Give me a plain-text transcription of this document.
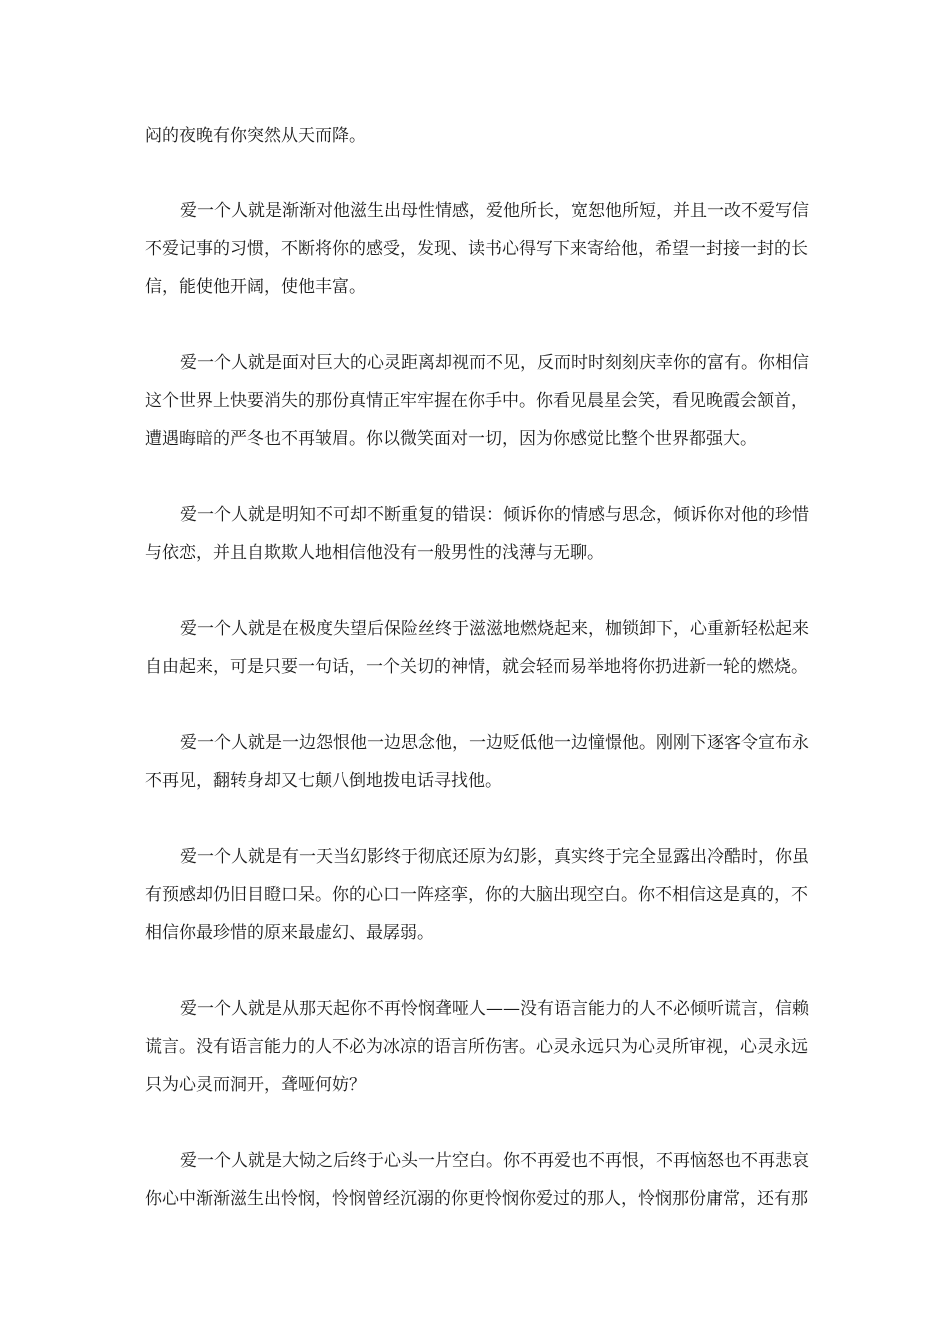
闷的夜晚有你突然从天而降。
爱一个人就是渐渐对他滋生出母性情感，爱他所长，宽恕他所短，并且一改不爱写信
不爱记事的习惯，不断将你的感受，发现、读书心得写下来寄给他，希望一封接一封的长
信，能使他开阔，使他丰富。
爱一个人就是面对巨大的心灵距离却视而不见，反而时时刻刻庆幸你的富有。你相信
这个世界上快要消失的那份真情正牢牢握在你手中。你看见晨星会笑，看见晚霞会颔首，
遭遇晦暗的严冬也不再皱眉。你以微笑面对一切，因为你感觉比整个世界都强大。
爱一个人就是明知不可却不断重复的错误：倾诉你的情感与思念，倾诉你对他的珍惜
与依恋，并且自欺欺人地相信他没有一般男性的浅薄与无聊。
爱一个人就是在极度失望后保险丝终于滋滋地燃烧起来，枷锁卸下，心重新轻松起来
自由起来，可是只要一句话，一个关切的神情，就会轻而易举地将你扔进新一轮的燃烧。
爱一个人就是一边怨恨他一边思念他，一边贬低他一边憧憬他。刚刚下逐客令宣布永
不再见，翻转身却又七颠八倒地拨电话寻找他。
爱一个人就是有一天当幻影终于彻底还原为幻影，真实终于完全显露出冷酷时，你虽
有预感却仍旧目瞪口呆。你的心口一阵痉挛，你的大脑出现空白。你不相信这是真的，不
相信你最珍惜的原来最虚幻、最孱弱。
爱一个人就是从那天起你不再怜悯聋哑人——没有语言能力的人不必倾听谎言，信赖
谎言。没有语言能力的人不必为冰凉的语言所伤害。心灵永远只为心灵所审视，心灵永远
只为心灵而洞开，聋哑何妨？
爱一个人就是大恸之后终于心头一片空白。你不再爱也不再恨，不再恼怒也不再悲哀
你心中渐渐滋生出怜悯，怜悯曾经沉溺的你更怜悯你爱过的那人，怜悯那份庸常，还有那
